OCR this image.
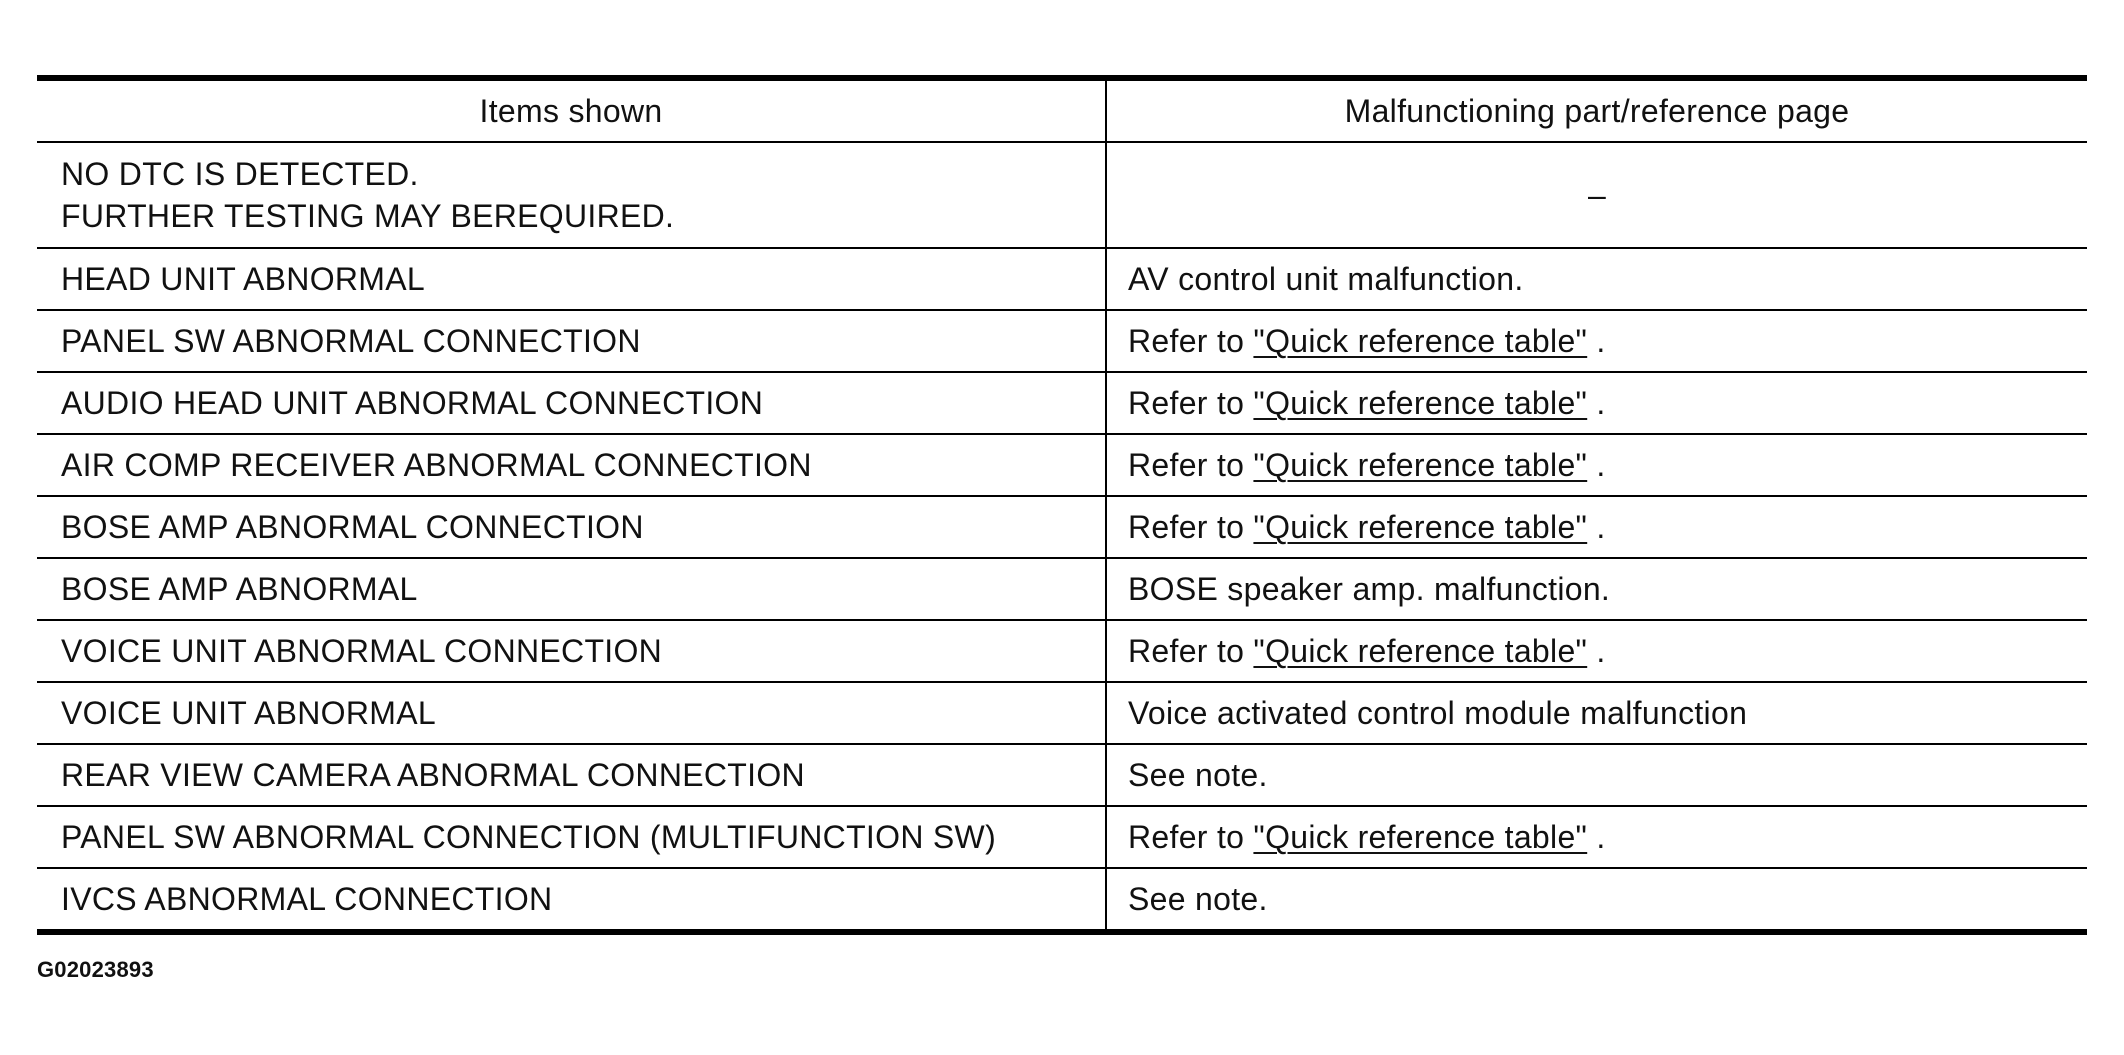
Items shown	Malfunctioning part/reference page

NO DTC IS DETECTED.
FURTHER TESTING MAY BEREQUIRED.	–
HEAD UNIT ABNORMAL	AV control unit malfunction.
PANEL SW ABNORMAL CONNECTION	Refer to "Quick reference table" .
AUDIO HEAD UNIT ABNORMAL CONNECTION	Refer to "Quick reference table" .
AIR COMP RECEIVER ABNORMAL CONNECTION	Refer to "Quick reference table" .
BOSE AMP ABNORMAL CONNECTION	Refer to "Quick reference table" .
BOSE AMP ABNORMAL	BOSE speaker amp. malfunction.
VOICE UNIT ABNORMAL CONNECTION	Refer to "Quick reference table" .
VOICE UNIT ABNORMAL	Voice activated control module malfunction
REAR VIEW CAMERA ABNORMAL CONNECTION	See note.
PANEL SW ABNORMAL CONNECTION (MULTIFUNCTION SW)	Refer to "Quick reference table" .
IVCS ABNORMAL CONNECTION	See note.
G02023893
